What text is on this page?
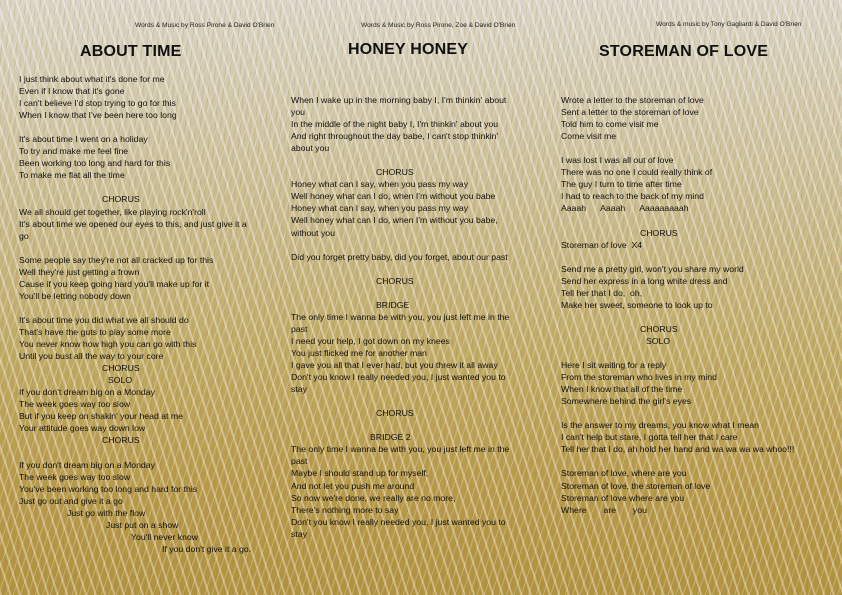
Words & Music by Ross Pirone & David O'Brien
ABOUT TIME
I just think about what it's done for me
Even if I know that it's gone
I can't believe I'd stop trying to go for this
When I know that I've been here too long
It's about time I went on a holiday
To try and make me feel fine
Been working too long and hard for this
To make me flat all the time
CHORUS
We all should get together, like playing rock'n'roll
It's about time we opened our eyes to this, and just give it a
go
Some people say they're not all cracked up for this
Well they're just getting a frown
Cause if you keep going hard you'll make up for it
You'll be letting nobody down
It's about time you did what we all should do
That's have the guts to play some more
You never know how high you can go with this
Until you bust all the way to your core
CHORUS
SOLO
If you don't dream big on a Monday
The week goes way too slow
But if you keep on shakin' your head at me
Your attitude goes way down low
CHORUS
If you don't dream big on a Monday
The week goes way too slow
You've been working too long and hard for this
Just go out and give it a go
Just go with the flow
Just put on a show
You'll never know
If you don't give it a go.
Words & Music by Ross Pirone, Zoe & David O'Brien
HONEY HONEY
When I wake up in the morning baby I, I'm thinkin' about
you
In the middle of the night baby I, I'm thinkin' about you
And right throughout the day babe, I can't stop thinkin'
about you
CHORUS
Honey what can I say, when you pass my way
Well honey what can I do, when I'm without you babe
Honey what can I say, when you pass my way
Well honey what can I do, when I'm without you babe,
without you
Did you forget pretty baby, did you forget, about our past
CHORUS
BRIDGE
The only time I wanna be with you, you just left me in the
past
I need your help, I got down on my knees
You just flicked me for another man
I gave you all that I ever had, but you threw it all away
Don't you know I really needed you, I just wanted you to
stay
CHORUS
BRIDGE 2
The only time I wanna be with you, you just left me in the
past
Maybe I should stand up for myself,
And not let you push me around
So now we're done, we really are no more,
There's nothing more to say
Don't you know I really needed you, I just wanted you to
stay
Words & music by Tony Gagliardi & David O'Brien
STOREMAN OF LOVE
Wrote a letter to the storeman of love
Sent a letter to the storeman of love
Told him to come visit me
Come visit me
I was lost I was all out of love
There was no one I could really think of
The guy I turn to time after time
I had to reach to the back of my mind
Aaaah      Aaaah      Aaaaaaaaah
CHORUS
Storeman of love  X4
Send me a pretty girl, won't you share my world
Send her express in a long white dress and
Tell her that I do,  oh,
Make her sweet, someone to look up to
CHORUS
SOLO
Here I sit waiting for a reply
From the storeman who lives in my mind
When I know that all of the time
Somewhere behind the girl's eyes
Is the answer to my dreams, you know what I mean
I can't help but stare, I gotta tell her that I care
Tell her that I do, ah hold her hand and wa wa wa wa whoo!!!
Storeman of love, where are you
Storeman of love, the storeman of love
Storeman of love where are you
Where       are       you
